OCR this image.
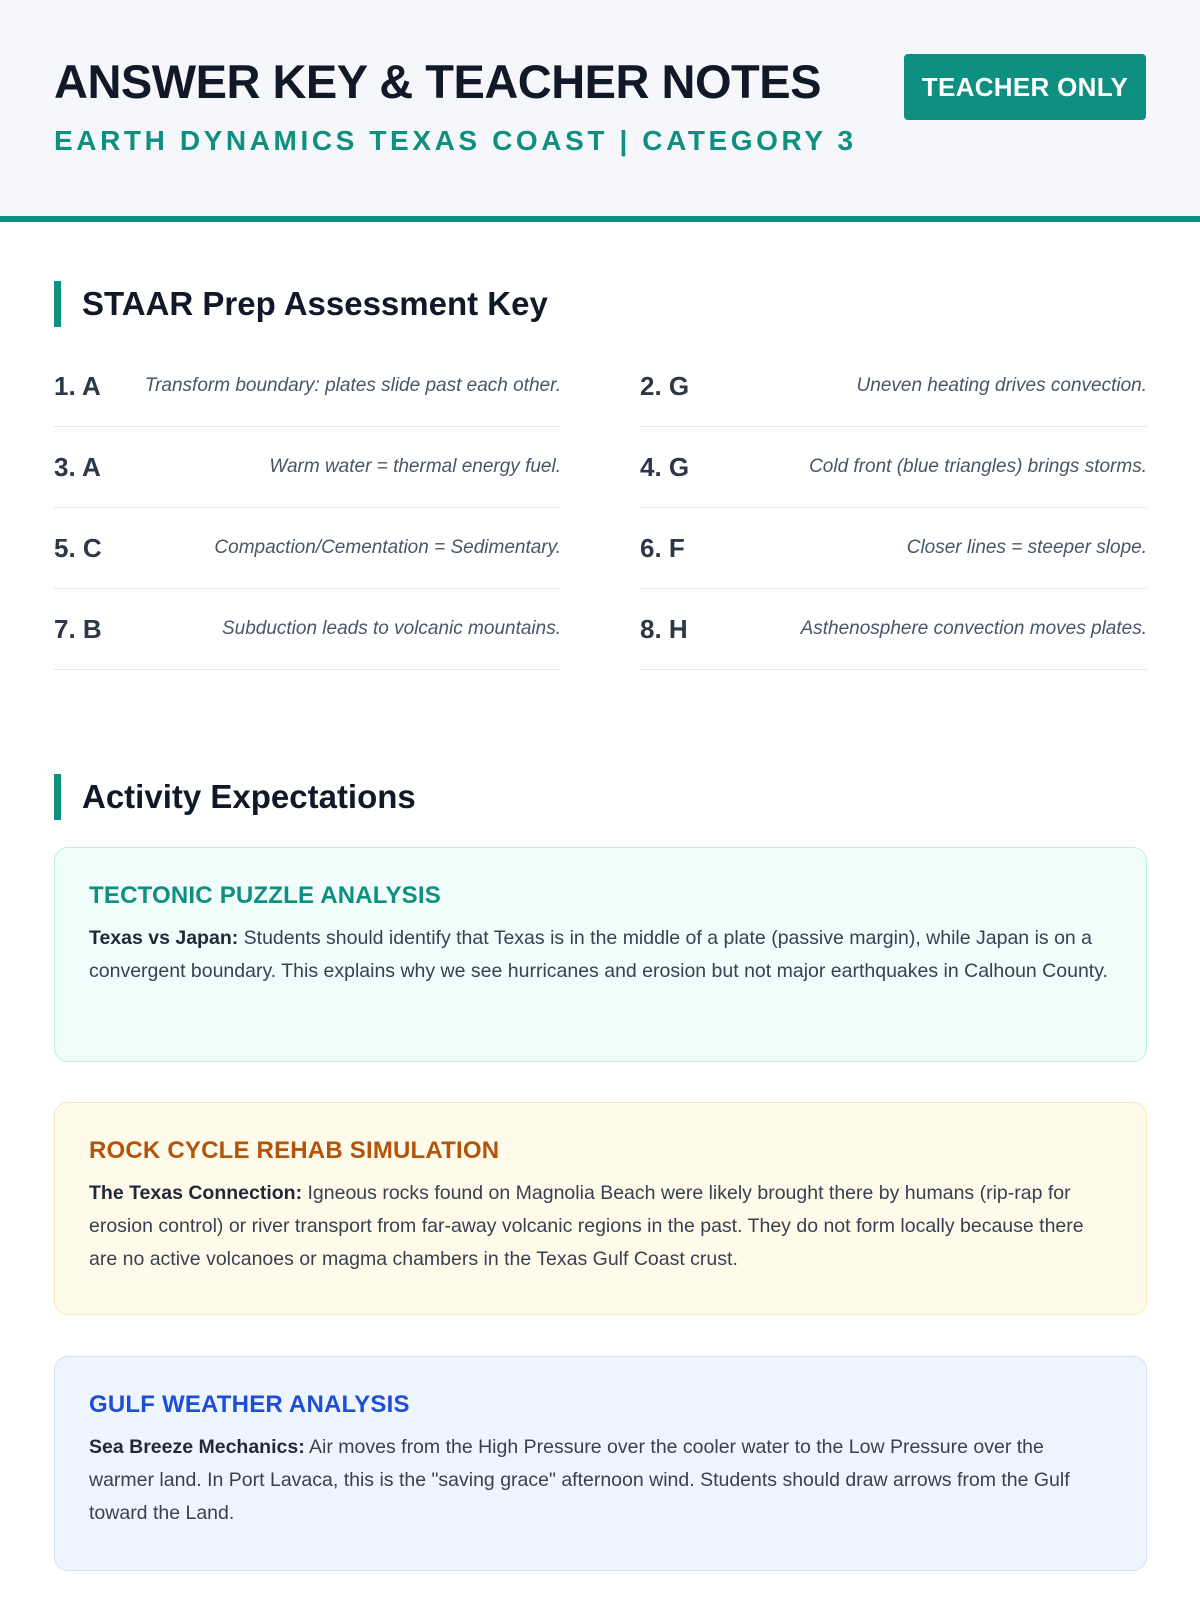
ANSWER KEY & TEACHER NOTES
EARTH DYNAMICS TEXAS COAST | CATEGORY 3
TEACHER ONLY
STAAR Prep Assessment Key
1. A Transform boundary: plates slide past each other.	2. G	Uneven heating drives convection.
3. A	Warm water = thermal energy fuel.	4. G	Cold front (blue triangles) brings storms.
5. C	Compaction/Cementation = Sedimentary.	6. F	Closer lines = steeper slope.
7. B	Subduction leads to volcanic mountains.	8. H	Asthenosphere convection moves plates.
Activity Expectations
TECTONIC PUZZLE ANALYSIS
Texas vs Japan: Students should identify that Texas is in the middle of a plate (passive margin), while Japan is on a convergent boundary. This explains why we see hurricanes and erosion but not major earthquakes in Calhoun County.
ROCK CYCLE REHAB SIMULATION
The Texas Connection: Igneous rocks found on Magnolia Beach were likely brought there by humans (rip-rap for erosion control) or river transport from far-away volcanic regions in the past. They do not form locally because there are no active volcanoes or magma chambers in the Texas Gulf Coast crust.
GULF WEATHER ANALYSIS
Sea Breeze Mechanics: Air moves from the High Pressure over the cooler water to the Low Pressure over the warmer land. In Port Lavaca, this is the "saving grace" afternoon wind. Students should draw arrows from the Gulf toward the Land.
